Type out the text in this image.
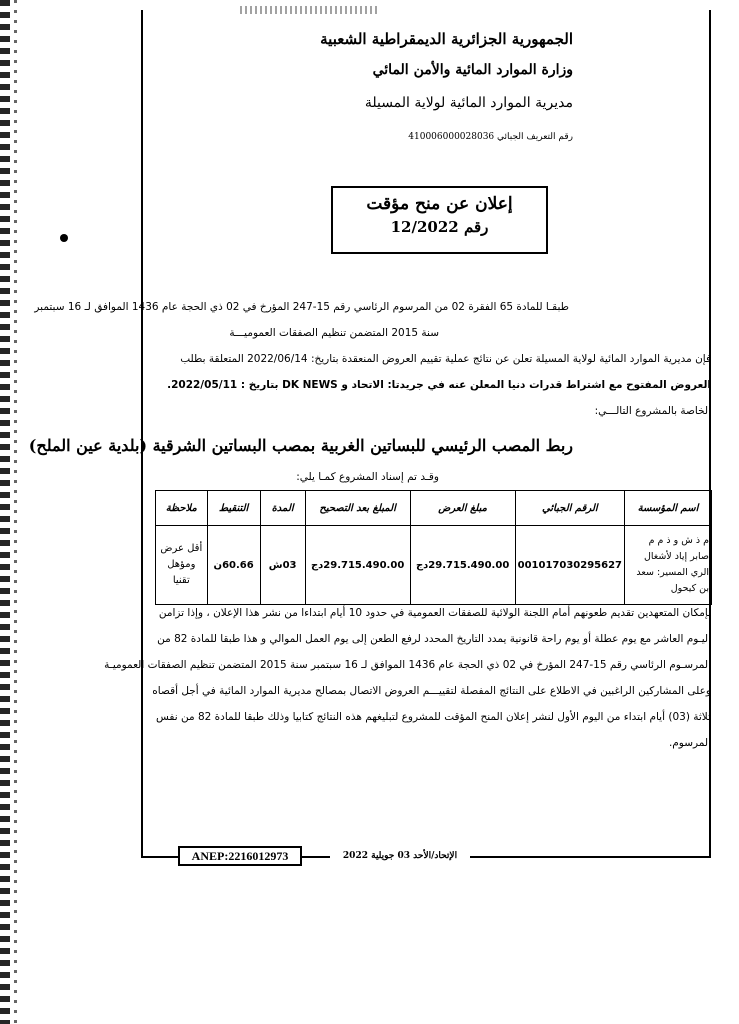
الجمهورية الجزائرية الديمقراطية الشعبية
وزارة الموارد المائية والأمن المائي
مديرية الموارد المائية لولاية المسيلة
رقم التعريف الجبائي 410006000028036
إعلان عن منح مؤقت
رقم 12/2022
طبقـا للمادة 65 الفقرة 02 من المرسوم الرئاسي رقم 15-247 المؤرخ في 02 ذي الحجة عام 1436 الموافق لـ 16 سبتمبر
سنة 2015 المتضمن تنظيم الصفقات العموميـــة
فإن مديرية الموارد المائية لولاية المسيلة تعلن عن نتائج عملية تقييم العروض المنعقدة بتاريخ: 2022/06/14 المتعلقة بطلب
العروض المفتوح مع اشتراط قدرات دنيا المعلن عنه في جريدتا: الاتحاد و DK NEWS بتاريخ : 2022/05/11.
الخاصة بالمشروع التالـــي:
ربط المصب الرئيسي للبساتين الغربية بمصب البساتين الشرقية (بلدية عين الملح)
وقـد تم إسناد المشروع كمـا يلي:
اسم المؤسسة	الرقم الجبائي	مبلغ العرض	المبلغ بعد التصحيح	المدة	التنقيط	ملاحظة
م ذ ش و ذ م م صابر إياد لأشغال الري المسير: سعد بن كيحول	001017030295627	29.715.490.00دج	29.715.490.00دج	03ش	60.66ن	أقل عرض ومؤهل تقنيا
بإمكان المتعهدين تقديم طعونهم أمام اللجنة الولائية للصفقات العمومية في حدود 10 أيام ابتداءا من نشر هذا الإعلان ، وإذا تزامن
اليـوم العاشر مع يوم عطلة أو يوم راحة قانونية يمدد التاريخ المحدد لرفع الطعن إلى يوم العمل الموالي و هذا طبقا للمادة 82 من
المرسـوم الرئاسي رقم 15-247 المؤرخ في 02 ذي الحجة عام 1436 الموافق لـ 16 سبتمبر سنة 2015 المتضمن تنظيم الصفقات العموميـة
وعلى المشاركين الراغبين في الاطلاع على النتائج المفصلة لتقييـــم العروض الاتصال بمصالح مديرية الموارد المائية في أجل أقصاه
ثلاثة (03) أيام ابتداء من اليوم الأول لنشر إعلان المنح المؤقت للمشروع لتبليغهم هذه النتائج كتابيا وذلك طبقا للمادة 82 من نفس
المرسوم.
ANEP:2216012973	الإتحاد/الأحد 03 جويلية 2022
